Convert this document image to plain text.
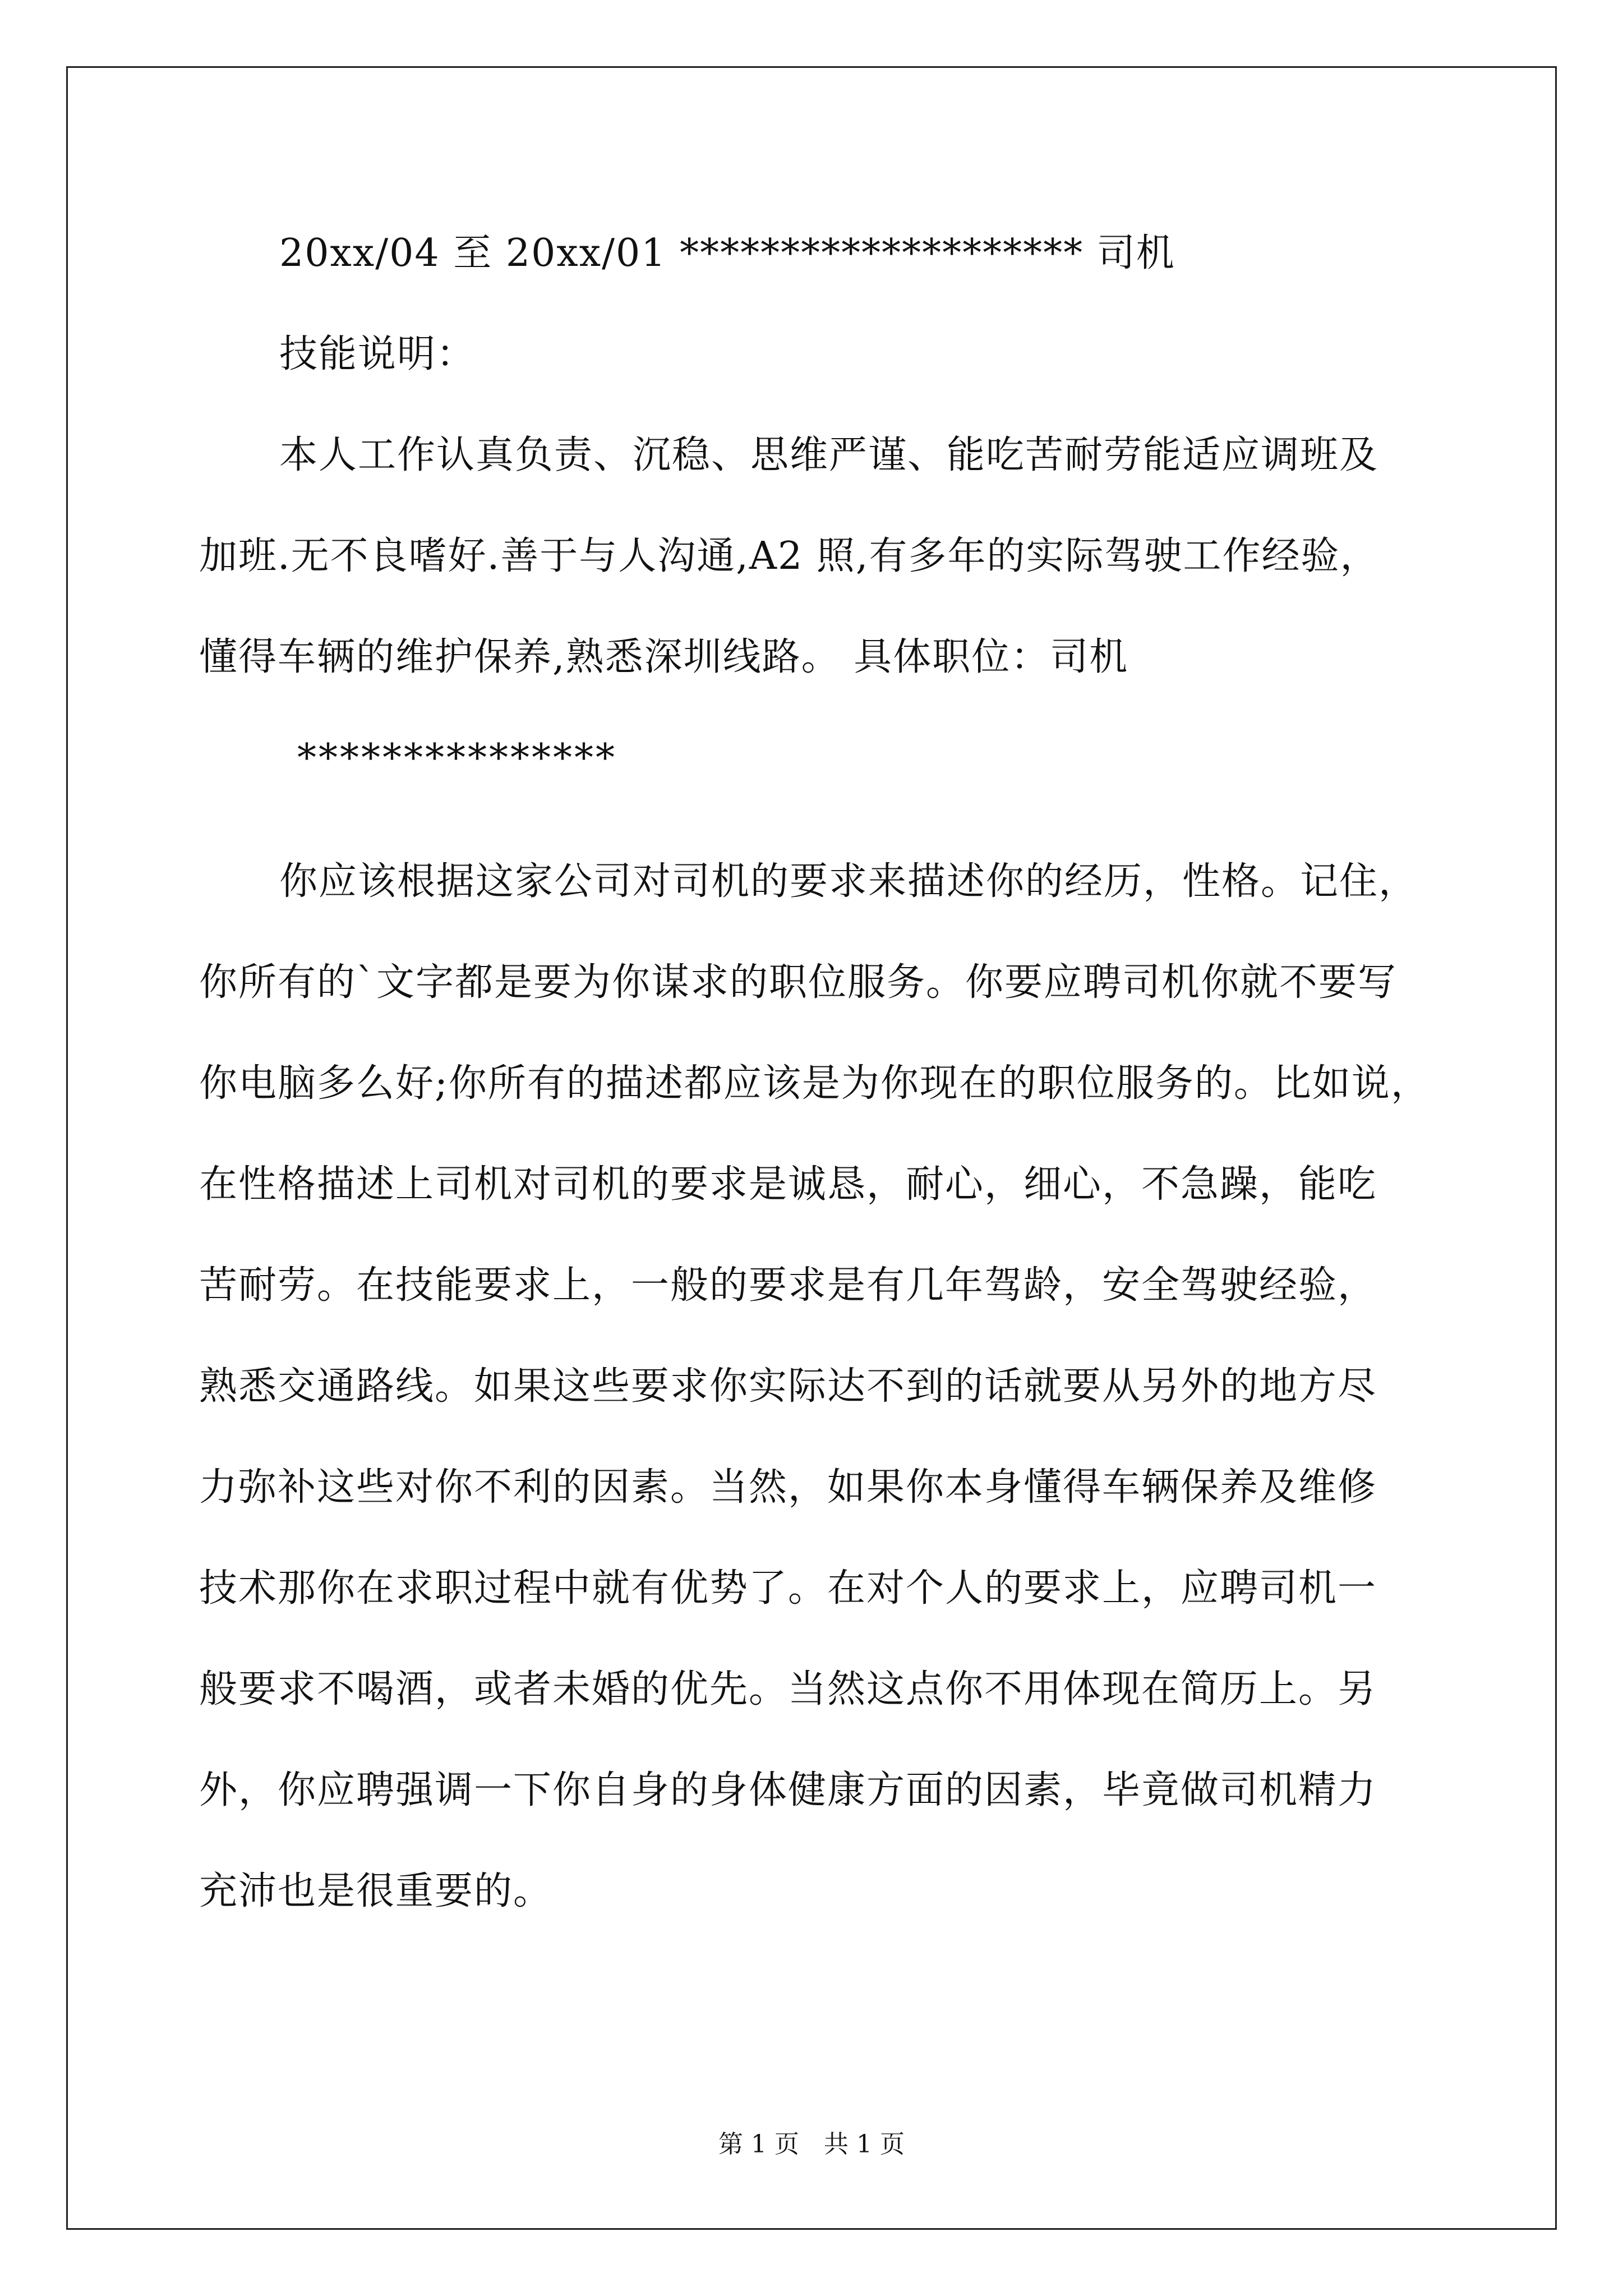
20xx/04 至 20xx/01 ******************** 司机
技能说明：
本人工作认真负责、沉稳、思维严谨、能吃苦耐劳能适应调班及
加班.无不良嗜好.善于与人沟通,A2 照,有多年的实际驾驶工作经验，
懂得车辆的维护保养,熟悉深圳线路。 具体职位：司机
***************
你应该根据这家公司对司机的要求来描述你的经历，性格。记住，
你所有的`文字都是要为你谋求的职位服务。你要应聘司机你就不要写
你电脑多么好;你所有的描述都应该是为你现在的职位服务的。比如说，
在性格描述上司机对司机的要求是诚恳，耐心，细心，不急躁，能吃
苦耐劳。在技能要求上，一般的要求是有几年驾龄，安全驾驶经验，
熟悉交通路线。如果这些要求你实际达不到的话就要从另外的地方尽
力弥补这些对你不利的因素。当然，如果你本身懂得车辆保养及维修
技术那你在求职过程中就有优势了。在对个人的要求上，应聘司机一
般要求不喝酒，或者未婚的优先。当然这点你不用体现在简历上。另
外，你应聘强调一下你自身的身体健康方面的因素，毕竟做司机精力
充沛也是很重要的。
第 1 页　共 1 页
